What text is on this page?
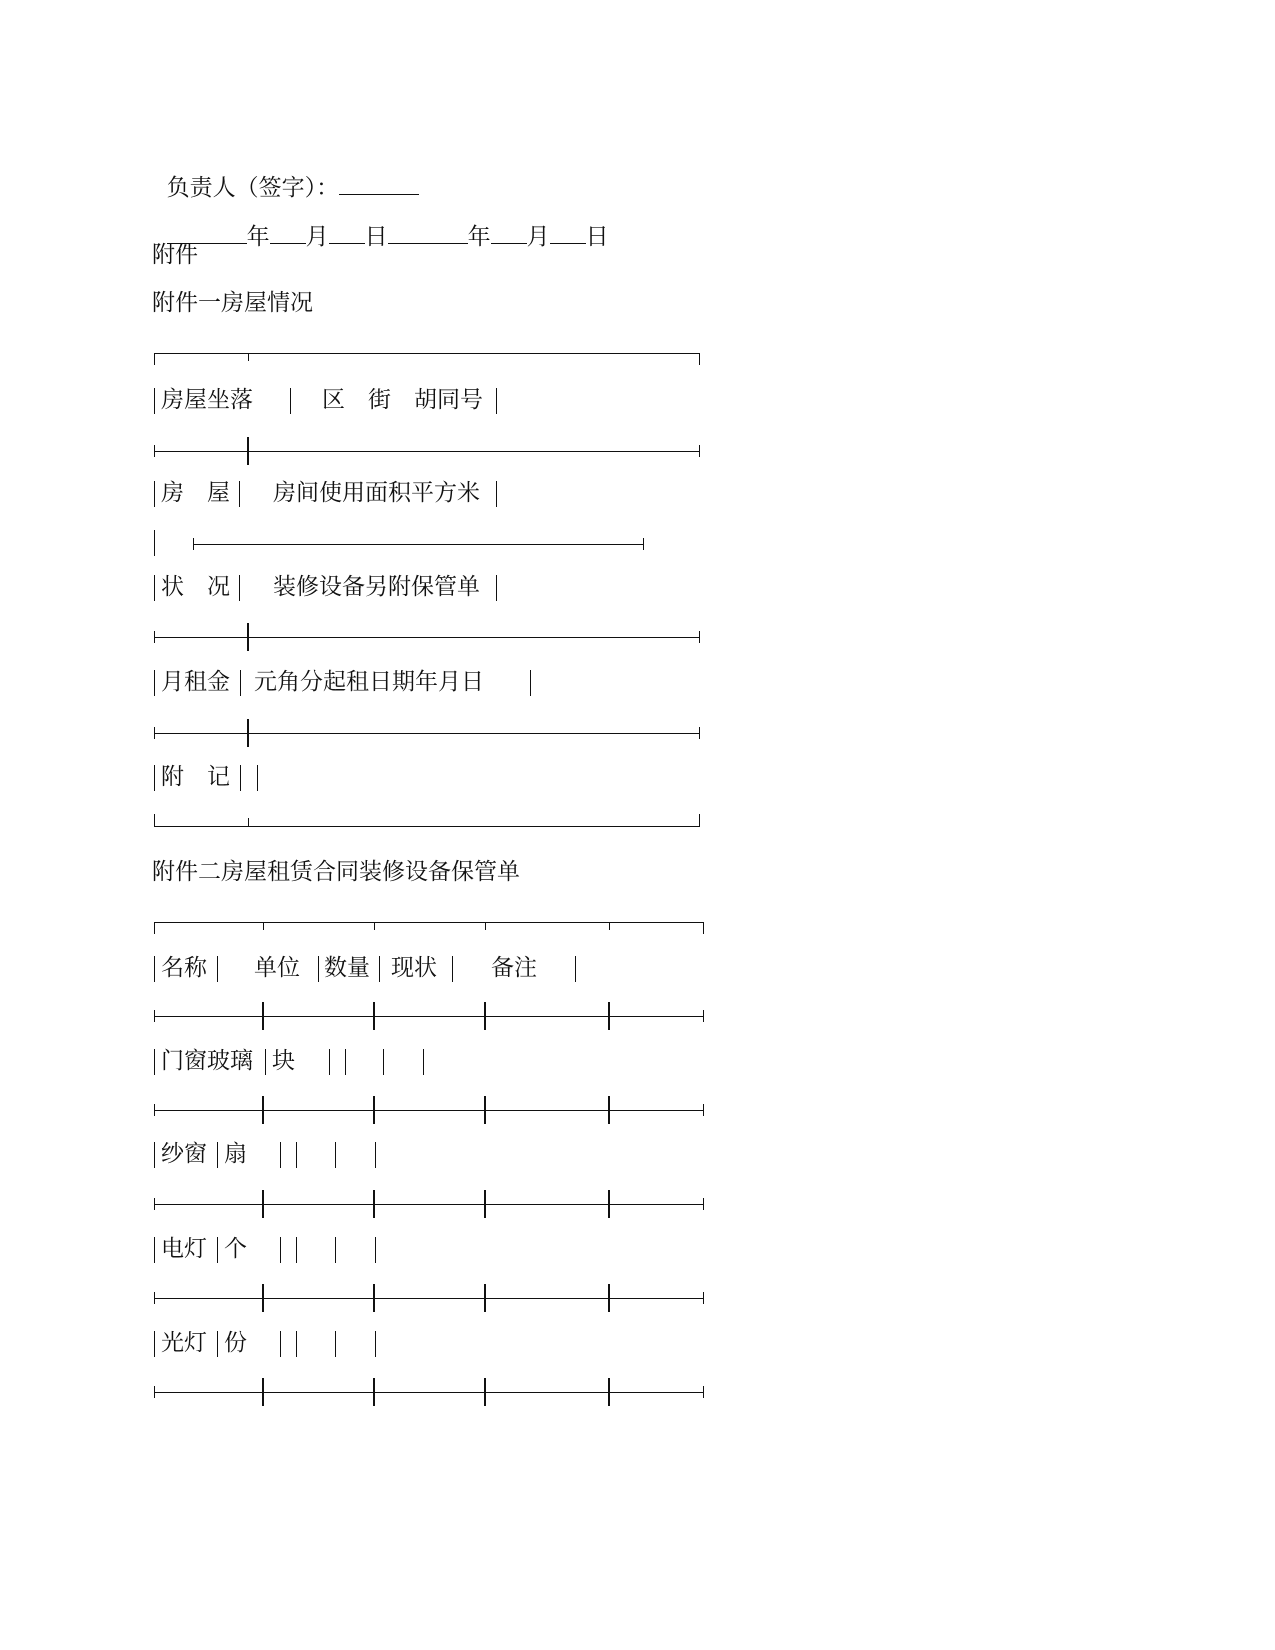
负责人（签字）：

年 月 日	年 月 日

附件
附件一房屋情况
房屋坐落	区　街　胡同号
房　屋 房间使用面积平方米
状　况 装修设备另附保管单
月租金 元角分起租日期年月日
附　记
附件二房屋租赁合同装修设备保管单
名称 单位 数量 现状 备注
门窗玻璃 块
纱窗 扇
电灯 个
光灯 份
